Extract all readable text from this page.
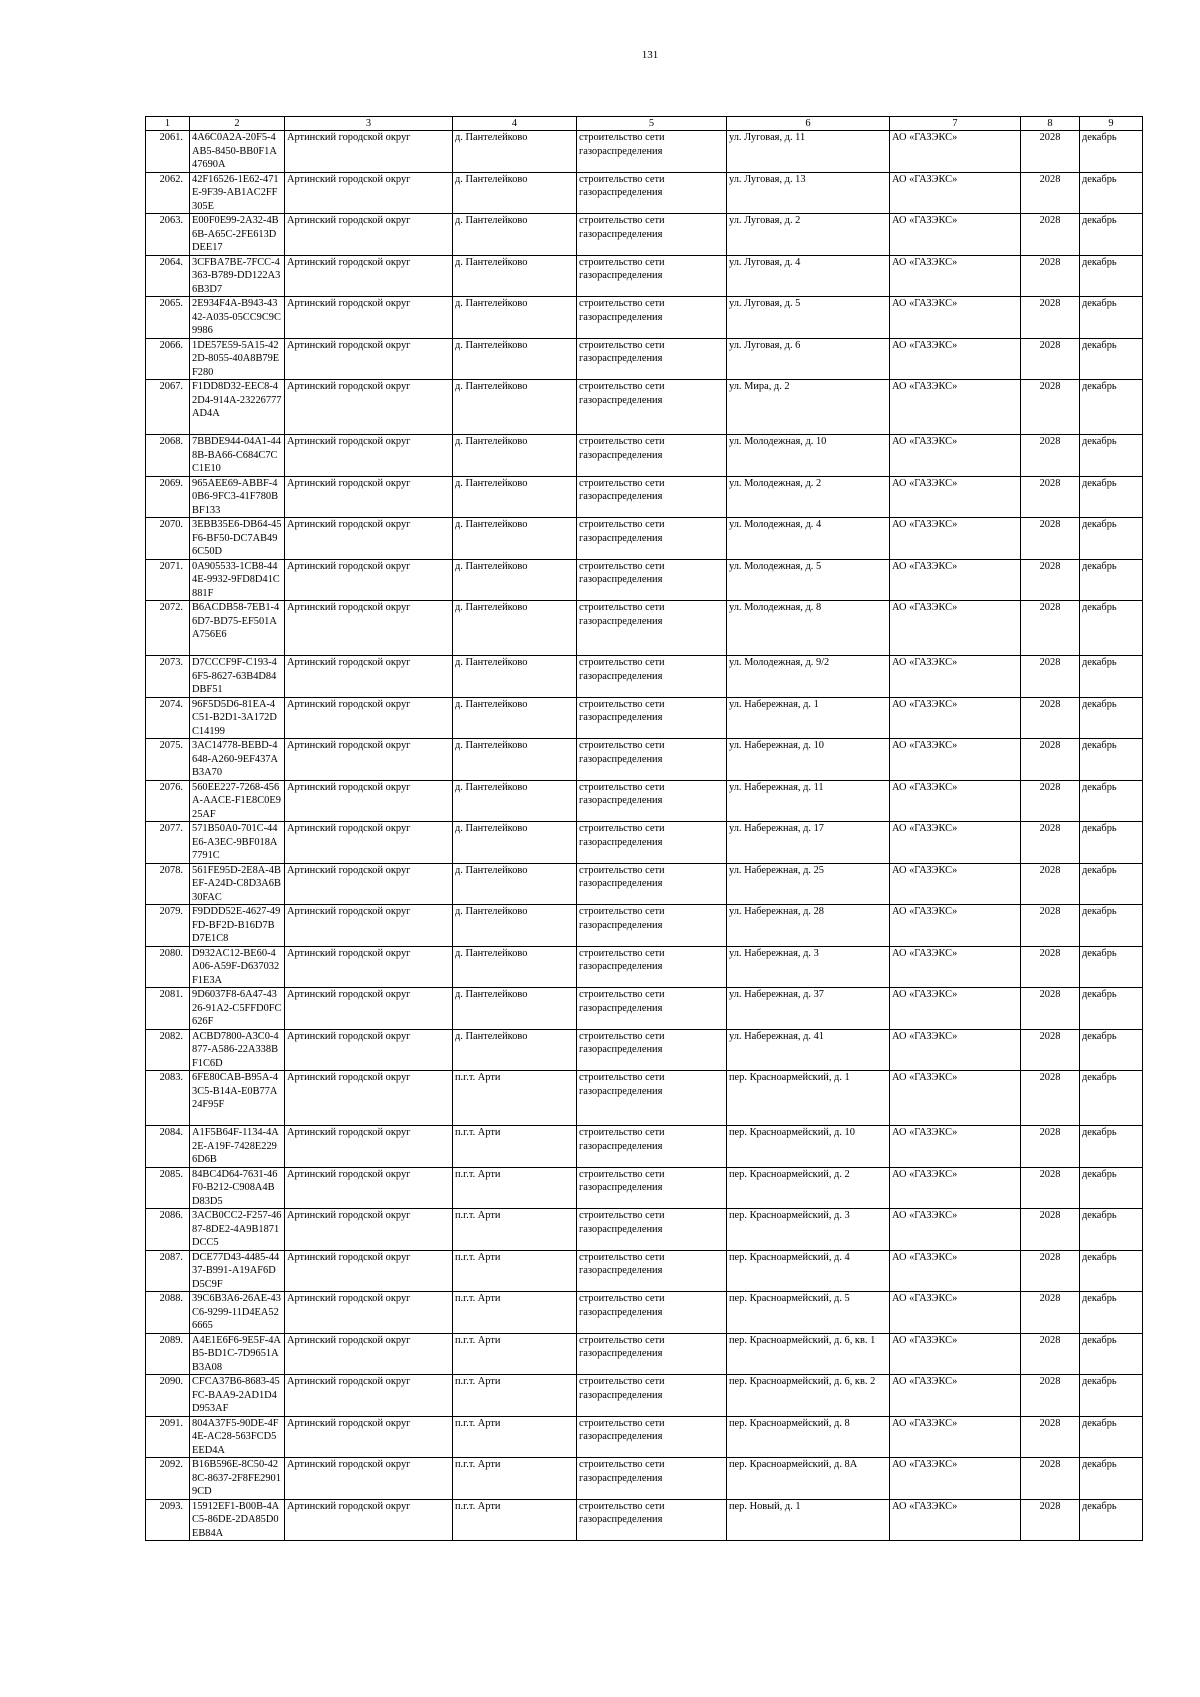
131
1	2	3	4	5	6	7	8	9
2061.	4A6C0A2A-20F5-4AB5-8450-BB0F1A47690A	Артинский городской округ	д. Пантелейково	строительство сети газораспределения	ул. Луговая, д. 11	АО «ГАЗЭКС»	2028	декабрь
2062.	42F16526-1E62-471E-9F39-AB1AC2FF305E	Артинский городской округ	д. Пантелейково	строительство сети газораспределения	ул. Луговая, д. 13	АО «ГАЗЭКС»	2028	декабрь
2063.	E00F0E99-2A32-4B6B-A65C-2FE613DDEE17	Артинский городской округ	д. Пантелейково	строительство сети газораспределения	ул. Луговая, д. 2	АО «ГАЗЭКС»	2028	декабрь
2064.	3CFBA7BE-7FCC-4363-B789-DD122A36B3D7	Артинский городской округ	д. Пантелейково	строительство сети газораспределения	ул. Луговая, д. 4	АО «ГАЗЭКС»	2028	декабрь
2065.	2E934F4A-B943-4342-A035-05CC9C9C9986	Артинский городской округ	д. Пантелейково	строительство сети газораспределения	ул. Луговая, д. 5	АО «ГАЗЭКС»	2028	декабрь
2066.	1DE57E59-5A15-422D-8055-40A8B79EF280	Артинский городской округ	д. Пантелейково	строительство сети газораспределения	ул. Луговая, д. 6	АО «ГАЗЭКС»	2028	декабрь
2067.	F1DD8D32-EEC8-42D4-914A-23226777AD4A	Артинский городской округ	д. Пантелейково	строительство сети газораспределения	ул. Мира, д. 2	АО «ГАЗЭКС»	2028	декабрь
2068.	7BBDE944-04A1-448B-BA66-C684C7CC1E10	Артинский городской округ	д. Пантелейково	строительство сети газораспределения	ул. Молодежная, д. 10	АО «ГАЗЭКС»	2028	декабрь
2069.	965AEE69-ABBF-40B6-9FC3-41F780BBF133	Артинский городской округ	д. Пантелейково	строительство сети газораспределения	ул. Молодежная, д. 2	АО «ГАЗЭКС»	2028	декабрь
2070.	3EBB35E6-DB64-45F6-BF50-DC7AB496C50D	Артинский городской округ	д. Пантелейково	строительство сети газораспределения	ул. Молодежная, д. 4	АО «ГАЗЭКС»	2028	декабрь
2071.	0A905533-1CB8-444E-9932-9FD8D41C881F	Артинский городской округ	д. Пантелейково	строительство сети газораспределения	ул. Молодежная, д. 5	АО «ГАЗЭКС»	2028	декабрь
2072.	B6ACDB58-7EB1-46D7-BD75-EF501AA756E6	Артинский городской округ	д. Пантелейково	строительство сети газораспределения	ул. Молодежная, д. 8	АО «ГАЗЭКС»	2028	декабрь
2073.	D7CCCF9F-C193-46F5-8627-63B4D84DBF51	Артинский городской округ	д. Пантелейково	строительство сети газораспределения	ул. Молодежная, д. 9/2	АО «ГАЗЭКС»	2028	декабрь
2074.	96F5D5D6-81EA-4C51-B2D1-3A172DC14199	Артинский городской округ	д. Пантелейково	строительство сети газораспределения	ул. Набережная, д. 1	АО «ГАЗЭКС»	2028	декабрь
2075.	3AC14778-BEBD-4648-A260-9EF437AB3A70	Артинский городской округ	д. Пантелейково	строительство сети газораспределения	ул. Набережная, д. 10	АО «ГАЗЭКС»	2028	декабрь
2076.	560EE227-7268-456A-AACE-F1E8C0E925AF	Артинский городской округ	д. Пантелейково	строительство сети газораспределения	ул. Набережная, д. 11	АО «ГАЗЭКС»	2028	декабрь
2077.	571B50A0-701C-44E6-A3EC-9BF018A7791C	Артинский городской округ	д. Пантелейково	строительство сети газораспределения	ул. Набережная, д. 17	АО «ГАЗЭКС»	2028	декабрь
2078.	561FE95D-2E8A-4BEF-A24D-C8D3A6B30FAC	Артинский городской округ	д. Пантелейково	строительство сети газораспределения	ул. Набережная, д. 25	АО «ГАЗЭКС»	2028	декабрь
2079.	F9DDD52E-4627-49FD-BF2D-B16D7BD7E1C8	Артинский городской округ	д. Пантелейково	строительство сети газораспределения	ул. Набережная, д. 28	АО «ГАЗЭКС»	2028	декабрь
2080.	D932AC12-BE60-4A06-A59F-D637032F1E3A	Артинский городской округ	д. Пантелейково	строительство сети газораспределения	ул. Набережная, д. 3	АО «ГАЗЭКС»	2028	декабрь
2081.	9D6037F8-6A47-4326-91A2-C5FFD0FC626F	Артинский городской округ	д. Пантелейково	строительство сети газораспределения	ул. Набережная, д. 37	АО «ГАЗЭКС»	2028	декабрь
2082.	ACBD7800-A3C0-4877-A586-22A338BF1C6D	Артинский городской округ	д. Пантелейково	строительство сети газораспределения	ул. Набережная, д. 41	АО «ГАЗЭКС»	2028	декабрь
2083.	6FE80CAB-B95A-43C5-B14A-E0B77A24F95F	Артинский городской округ	п.г.т. Арти	строительство сети газораспределения	пер. Красноармейский, д. 1	АО «ГАЗЭКС»	2028	декабрь
2084.	A1F5B64F-1134-4A2E-A19F-7428E2296D6B	Артинский городской округ	п.г.т. Арти	строительство сети газораспределения	пер. Красноармейский, д. 10	АО «ГАЗЭКС»	2028	декабрь
2085.	84BC4D64-7631-46F0-B212-C908A4BD83D5	Артинский городской округ	п.г.т. Арти	строительство сети газораспределения	пер. Красноармейский, д. 2	АО «ГАЗЭКС»	2028	декабрь
2086.	3ACB0CC2-F257-4687-8DE2-4A9B1871DCC5	Артинский городской округ	п.г.т. Арти	строительство сети газораспределения	пер. Красноармейский, д. 3	АО «ГАЗЭКС»	2028	декабрь
2087.	DCE77D43-4485-4437-B991-A19AF6DD5C9F	Артинский городской округ	п.г.т. Арти	строительство сети газораспределения	пер. Красноармейский, д. 4	АО «ГАЗЭКС»	2028	декабрь
2088.	39C6B3A6-26AE-43C6-9299-11D4EA526665	Артинский городской округ	п.г.т. Арти	строительство сети газораспределения	пер. Красноармейский, д. 5	АО «ГАЗЭКС»	2028	декабрь
2089.	A4E1E6F6-9E5F-4AB5-BD1C-7D9651AB3A08	Артинский городской округ	п.г.т. Арти	строительство сети газораспределения	пер. Красноармейский, д. 6, кв. 1	АО «ГАЗЭКС»	2028	декабрь
2090.	CFCA37B6-8683-45FC-BAA9-2AD1D4D953AF	Артинский городской округ	п.г.т. Арти	строительство сети газораспределения	пер. Красноармейский, д. 6, кв. 2	АО «ГАЗЭКС»	2028	декабрь
2091.	804A37F5-90DE-4F4E-AC28-563FCD5EED4A	Артинский городской округ	п.г.т. Арти	строительство сети газораспределения	пер. Красноармейский, д. 8	АО «ГАЗЭКС»	2028	декабрь
2092.	B16B596E-8C50-428C-8637-2F8FE29019CD	Артинский городской округ	п.г.т. Арти	строительство сети газораспределения	пер. Красноармейский, д. 8А	АО «ГАЗЭКС»	2028	декабрь
2093.	15912EF1-B00B-4AC5-86DE-2DA85D0EB84A	Артинский городской округ	п.г.т. Арти	строительство сети газораспределения	пер. Новый, д. 1	АО «ГАЗЭКС»	2028	декабрь
